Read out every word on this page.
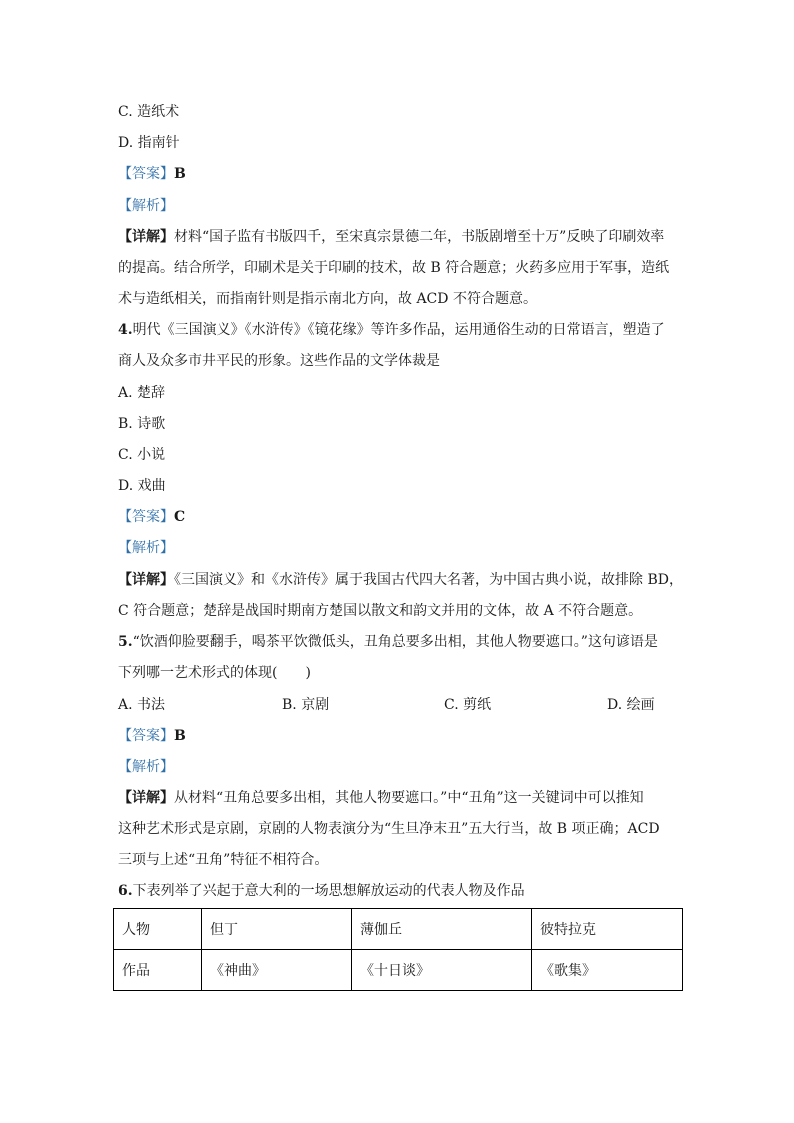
C. 造纸术
D. 指南针
【答案】B
【解析】
【详解】材料“国子监有书版四千，至宋真宗景德二年，书版剧增至十万”反映了印刷效率
的提高。结合所学，印刷术是关于印刷的技术，故 B 符合题意；火药多应用于军事，造纸
术与造纸相关，而指南针则是指示南北方向，故 ACD 不符合题意。
4.明代《三国演义》《水浒传》《镜花缘》等许多作品，运用通俗生动的日常语言，塑造了
商人及众多市井平民的形象。这些作品的文学体裁是
A. 楚辞
B. 诗歌
C. 小说
D. 戏曲
【答案】C
【解析】
【详解】《三国演义》和《水浒传》属于我国古代四大名著，为中国古典小说，故排除 BD，
C 符合题意；楚辞是战国时期南方楚国以散文和韵文并用的文体，故 A 不符合题意。
5.“饮酒仰脸要翻手，喝茶平饮微低头，丑角总要多出相，其他人物要遮口。”这句谚语是
下列哪一艺术形式的体现(　　)
A. 书法	B. 京剧	C. 剪纸	D. 绘画
【答案】B
【解析】
【详解】从材料“丑角总要多出相，其他人物要遮口。”中“丑角”这一关键词中可以推知
这种艺术形式是京剧，京剧的人物表演分为“生旦净末丑”五大行当，故 B 项正确；ACD
三项与上述“丑角”特征不相符合。
6.下表列举了兴起于意大利的一场思想解放运动的代表人物及作品
人物	但丁	薄伽丘	彼特拉克
作品	《神曲》	《十日谈》	《歌集》
